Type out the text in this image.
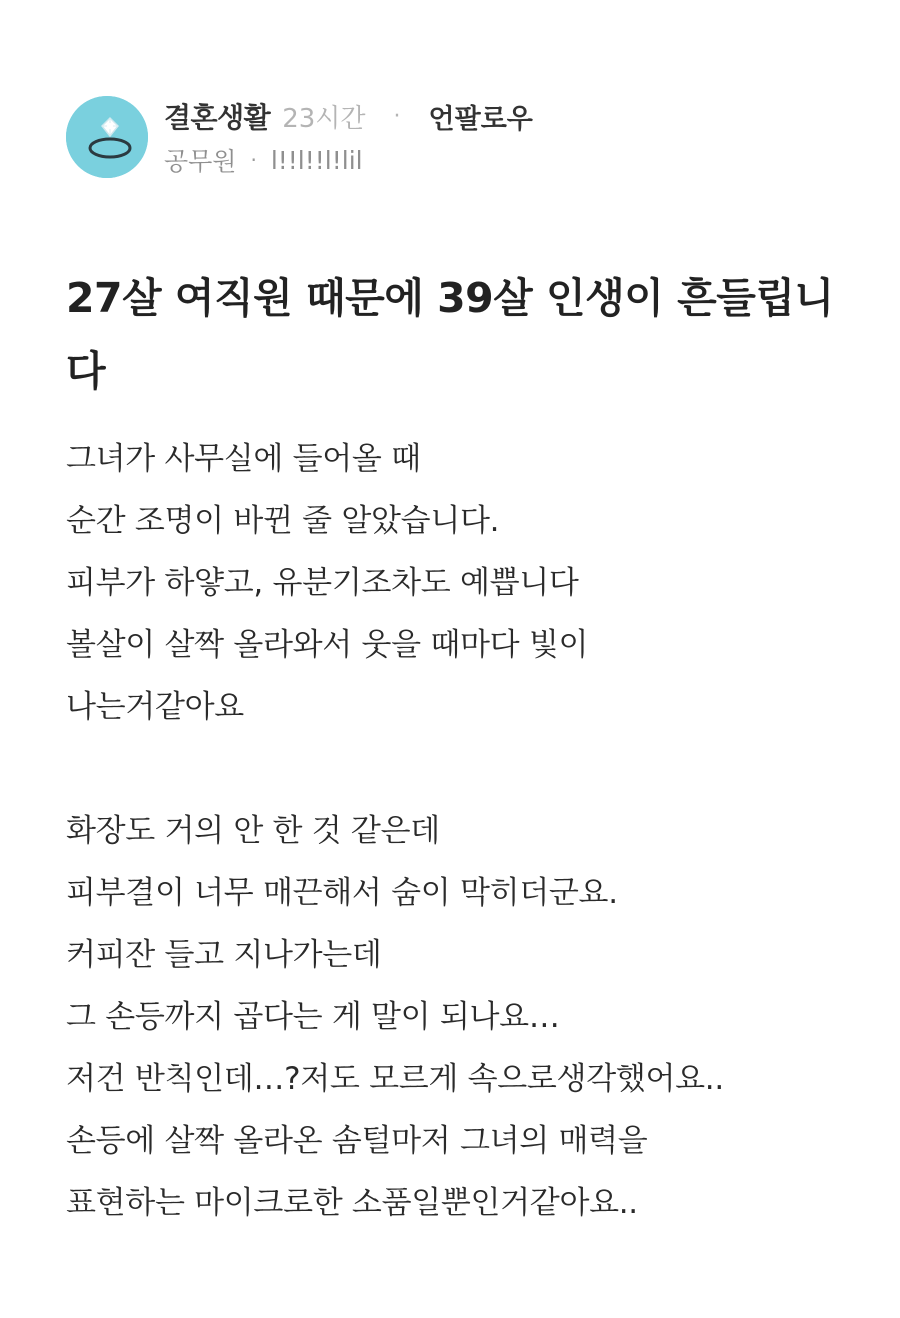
결혼생활 23시간 · 언팔로우
공무원 · l!!l!!l!lil
27살 여직원 때문에 39살 인생이 흔들립니다
그녀가 사무실에 들어올 때
순간 조명이 바뀐 줄 알았습니다.
피부가 하얗고, 유분기조차도 예쁩니다
볼살이 살짝 올라와서 웃을 때마다 빛이
나는거같아요
화장도 거의 안 한 것 같은데
피부결이 너무 매끈해서 숨이 막히더군요.
커피잔 들고 지나가는데
그 손등까지 곱다는 게 말이 되나요…
저건 반칙인데…?저도 모르게 속으로생각했어요..
손등에 살짝 올라온 솜털마저 그녀의 매력을
표현하는 마이크로한 소품일뿐인거같아요..
